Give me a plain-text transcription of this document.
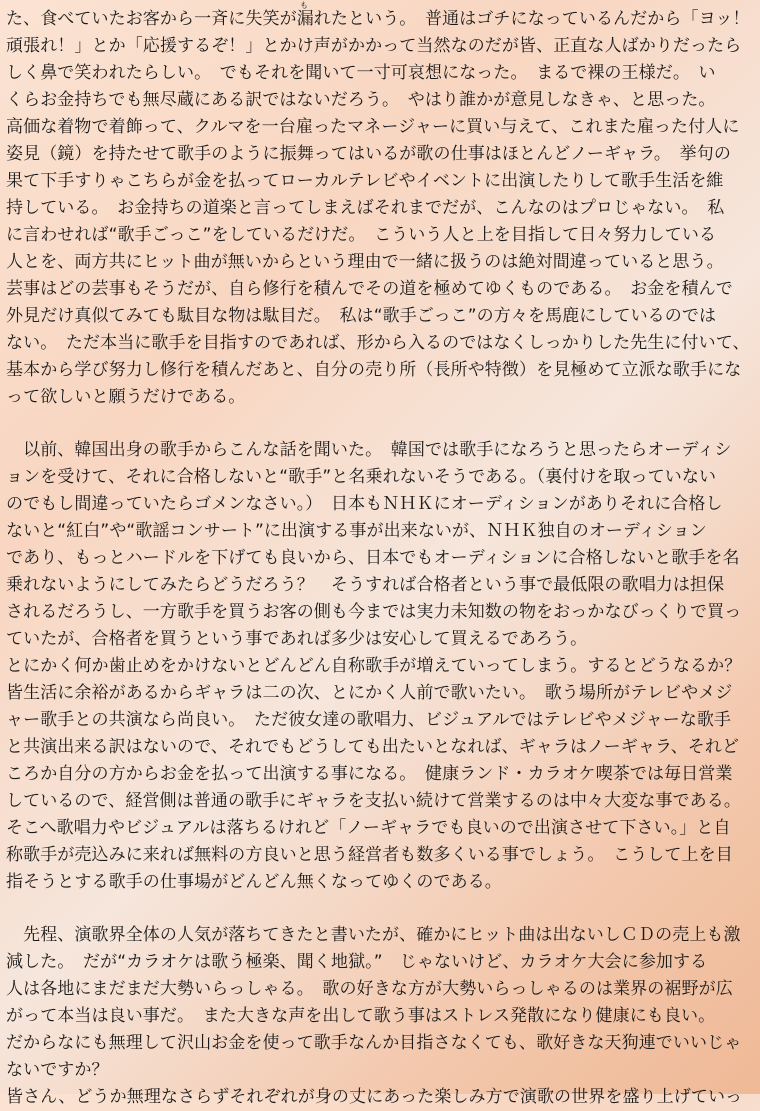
も
た、食べていたお客から一斉に失笑が漏れたという。　普通はゴチになっているんだから「ヨッ！
頑張れ！」とか「応援するぞ！」とかけ声がかかって当然なのだが皆、正直な人ばかりだったら
しく鼻で笑われたらしい。　でもそれを聞いて一寸可哀想になった。　まるで裸の王様だ。　い
くらお金持ちでも無尽蔵にある訳ではないだろう。　やはり誰かが意見しなきゃ、と思った。
高価な着物で着飾って、クルマを一台雇ったマネージャーに買い与えて、これまた雇った付人に
姿見（鏡）を持たせて歌手のように振舞ってはいるが歌の仕事はほとんどノーギャラ。　挙句の
果て下手すりゃこちらが金を払ってローカルテレビやイベントに出演したりして歌手生活を維
持している。　お金持ちの道楽と言ってしまえばそれまでだが、こんなのはプロじゃない。　私
に言わせれば“歌手ごっこ”をしているだけだ。　こういう人と上を目指して日々努力している
人とを、両方共にヒット曲が無いからという理由で一緒に扱うのは絶対間違っていると思う。
芸事はどの芸事もそうだが、自ら修行を積んでその道を極めてゆくものである。　お金を積んで
外見だけ真似てみても駄目な物は駄目だ。　私は“歌手ごっこ”の方々を馬鹿にしているのでは
ない。　ただ本当に歌手を目指すのであれば、形から入るのではなくしっかりした先生に付いて、
基本から学び努力し修行を積んだあと、自分の売り所（長所や特徴）を見極めて立派な歌手にな
って欲しいと願うだけである。
　以前、韓国出身の歌手からこんな話を聞いた。　韓国では歌手になろうと思ったらオーディシ
ョンを受けて、それに合格しないと“歌手”と名乗れないそうである。（裏付けを取っていない
のでもし間違っていたらゴメンなさい。）　日本もＮＨＫにオーディションがありそれに合格し
ないと“紅白”や“歌謡コンサート”に出演する事が出来ないが、ＮＨＫ独自のオーディション
であり、もっとハードルを下げても良いから、日本でもオーディションに合格しないと歌手を名
乗れないようにしてみたらどうだろう？　そうすれば合格者という事で最低限の歌唱力は担保
されるだろうし、一方歌手を買うお客の側も今までは実力未知数の物をおっかなびっくりで買っ
ていたが、合格者を買うという事であれば多少は安心して買えるであろう。
とにかく何か歯止めをかけないとどんどん自称歌手が増えていってしまう。するとどうなるか？
皆生活に余裕があるからギャラは二の次、とにかく人前で歌いたい。　歌う場所がテレビやメジ
ャー歌手との共演なら尚良い。　ただ彼女達の歌唱力、ビジュアルではテレビやメジャーな歌手
と共演出来る訳はないので、それでもどうしても出たいとなれば、ギャラはノーギャラ、それど
ころか自分の方からお金を払って出演する事になる。　健康ランド・カラオケ喫茶では毎日営業
しているので、経営側は普通の歌手にギャラを支払い続けて営業するのは中々大変な事である。
そこへ歌唱力やビジュアルは落ちるけれど「ノーギャラでも良いので出演させて下さい。」と自
称歌手が売込みに来れば無料の方良いと思う経営者も数多くいる事でしょう。　こうして上を目
指そうとする歌手の仕事場がどんどん無くなってゆくのである。
　先程、演歌界全体の人気が落ちてきたと書いたが、確かにヒット曲は出ないしＣＤの売上も激
減した。　だが“カラオケは歌う極楽、聞く地獄。”　じゃないけど、カラオケ大会に参加する
人は各地にまだまだ大勢いらっしゃる。　歌の好きな方が大勢いらっしゃるのは業界の裾野が広
がって本当は良い事だ。　また大きな声を出して歌う事はストレス発散になり健康にも良い。
だからなにも無理して沢山お金を使って歌手なんか目指さなくても、歌好きな天狗連でいいじゃ
ないですか？
皆さん、どうか無理なさらずそれぞれが身の丈にあった楽しみ方で演歌の世界を盛り上げていっ
